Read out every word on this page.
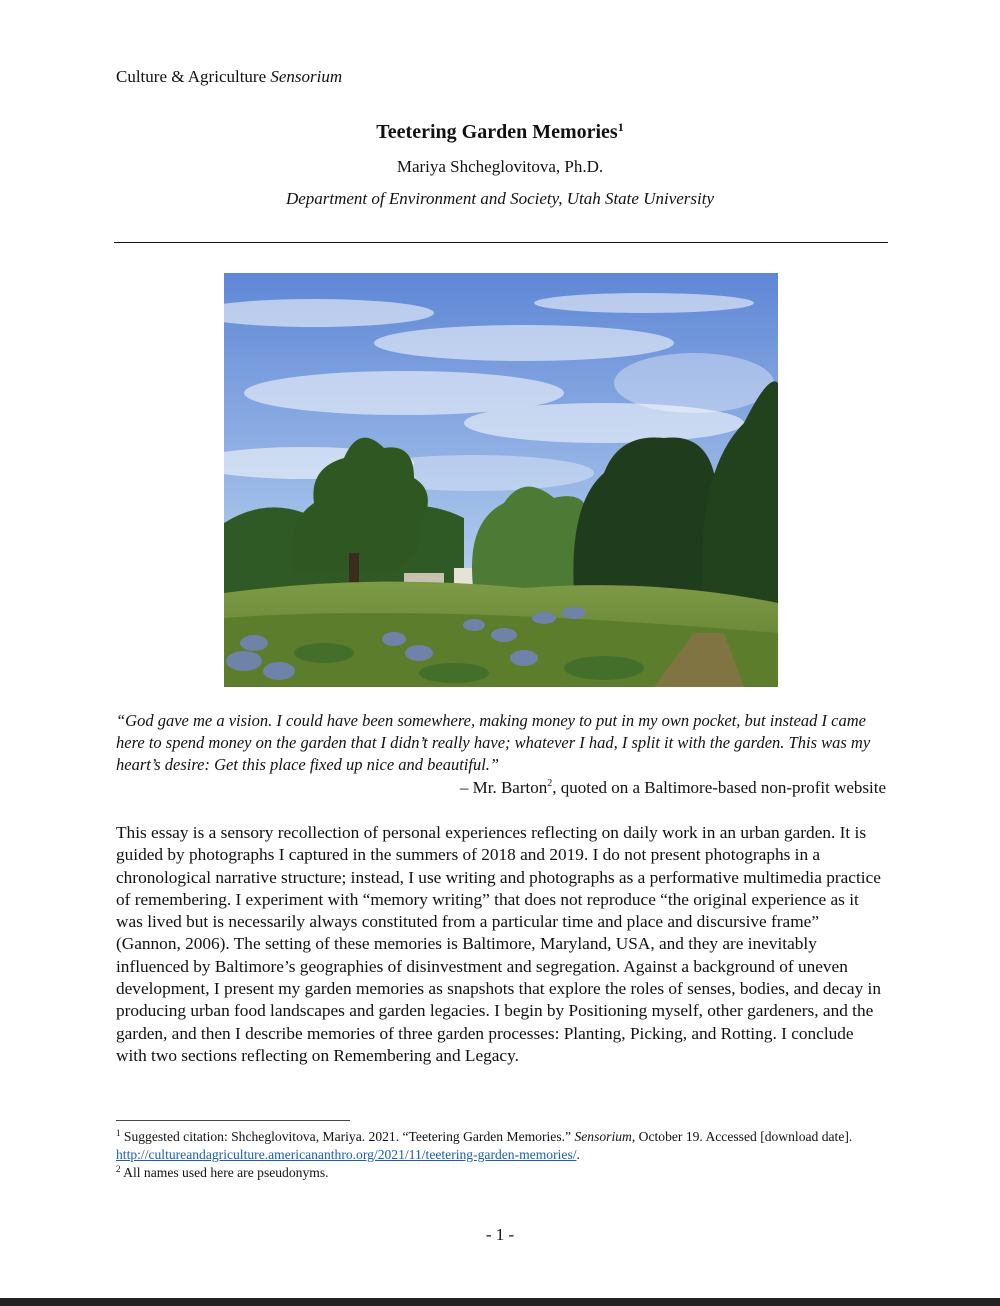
Culture & Agriculture Sensorium
Teetering Garden Memories$^1$
Mariya Shcheglovitova, Ph.D.
Department of Environment and Society, Utah State University
“God gave me a vision. I could have been somewhere, making money to put in my own pocket, but instead I came here to spend money on the garden that I didn’t really have; whatever I had, I split it with the garden. This was my heart’s desire: Get this place fixed up nice and beautiful.”
– Mr. Barton$^2$, quoted on a Baltimore-based non-profit website
This essay is a sensory recollection of personal experiences reflecting on daily work in an urban garden. It is guided by photographs I captured in the summers of 2018 and 2019. I do not present photographs in a chronological narrative structure; instead, I use writing and photographs as a performative multimedia practice of remembering. I experiment with “memory writing” that does not reproduce “the original experience as it was lived but is necessarily always constituted from a particular time and place and discursive frame” (Gannon, 2006). The setting of these memories is Baltimore, Maryland, USA, and they are inevitably influenced by Baltimore’s geographies of disinvestment and segregation. Against a background of uneven development, I present my garden memories as snapshots that explore the roles of senses, bodies, and decay in producing urban food landscapes and garden legacies. I begin by Positioning myself, other gardeners, and the garden, and then I describe memories of three garden processes: Planting, Picking, and Rotting. I conclude with two sections reflecting on Remembering and Legacy.
$^1$ Suggested citation: Shcheglovitova, Mariya. 2021. “Teetering Garden Memories.” Sensorium, October 19. Accessed [download date]. http://cultureandagriculture.americananthro.org/2021/11/teetering-garden-memories/.
$^2$ All names used here are pseudonyms.
- 1 -
